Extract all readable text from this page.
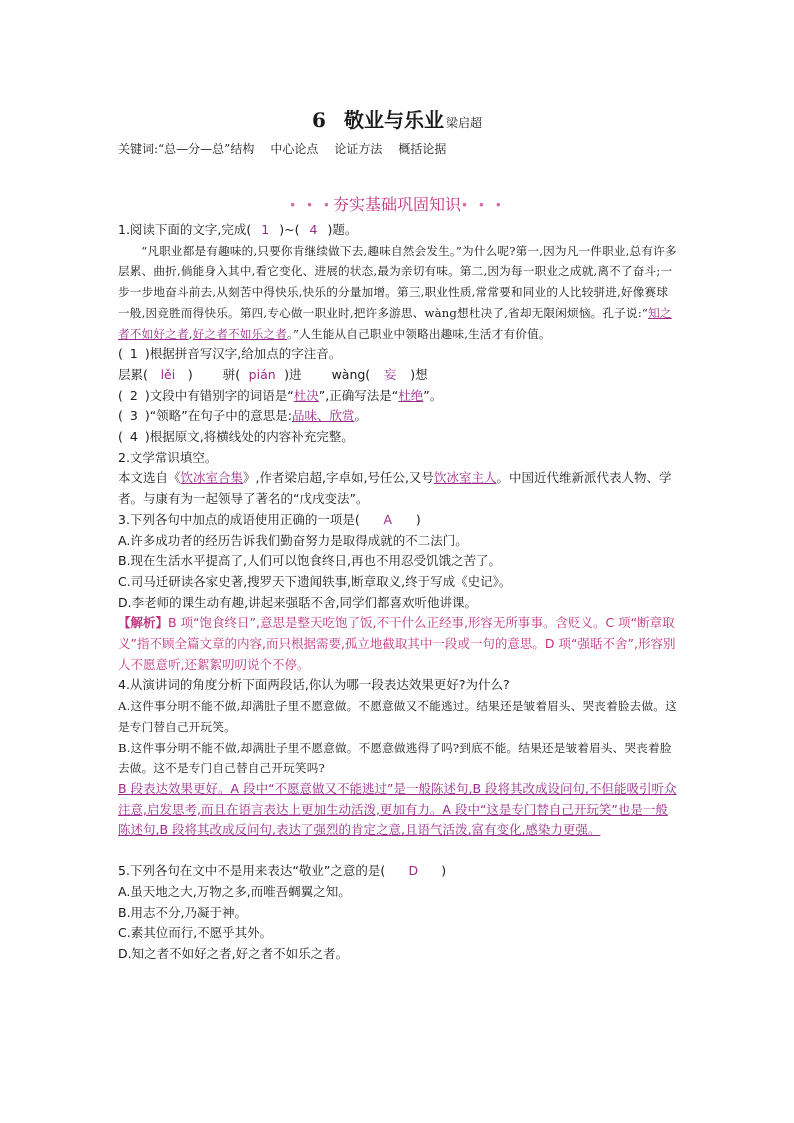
6 敬业与乐业 梁启超
关键词:“总—分—总”结构 中心论点 论证方法 概括论据
• • •夯实基础巩固知识• • •

1.阅读下面的文字,完成( 1 )~( 4 )题。

“凡职业都是有趣味的,只要你肯继续做下去,趣味自然会发生。”为什么呢?第一,因为凡一件职业,总有许多层累、曲折,倘能身入其中,看它变化、进展的状态,最为亲切有味。第二,因为每一职业之成就,离不了奋斗;一步一步地奋斗前去,从刻苦中得快乐,快乐的分量加增。第三,职业性质,常常要和同业的人比较骈进,好像赛球一般,因竞胜而得快乐。第四,专心做一职业时,把许多游思、wàng想杜决了,省却无限闲烦恼。孔子说:“知之者不如好之者,好之者不如乐之者。”人生能从自己职业中领略出趣味,生活才有价值。

( 1 )根据拼音写汉字,给加点的字注音。

层累( lěi ) 骈( pián )进 wàng( 妄 )想

( 2 )文段中有错别字的词语是“杜决”,正确写法是“杜绝”。

( 3 )“领略”在句子中的意思是:品味、欣赏。

( 4 )根据原文,将横线处的内容补充完整。

2.文学常识填空。

本文选自《饮冰室合集》,作者梁启超,字卓如,号任公,又号饮冰室主人。中国近代维新派代表人物、学者。与康有为一起领导了著名的“戊戌变法”。

3.下列各句中加点的成语使用正确的一项是( A )

A.许多成功者的经历告诉我们勤奋努力是取得成就的不二法门。

B.现在生活水平提高了,人们可以饱食终日,再也不用忍受饥饿之苦了。

C.司马迁研读各家史著,搜罗天下遗闻轶事,断章取义,终于写成《史记》。

D.李老师的课生动有趣,讲起来强聒不舍,同学们都喜欢听他讲课。

【解析】B 项“饱食终日”,意思是整天吃饱了饭,不干什么正经事,形容无所事事。含贬义。C 项“断章取义”指不顾全篇文章的内容,而只根据需要,孤立地截取其中一段或一句的意思。D 项“强聒不舍”,形容别人不愿意听,还絮絮叨叨说个不停。

4.从演讲词的角度分析下面两段话,你认为哪一段表达效果更好?为什么?

A.这件事分明不能不做,却满肚子里不愿意做。不愿意做又不能逃过。结果还是皱着眉头、哭丧着脸去做。这是专门替自己开玩笑。

B.这件事分明不能不做,却满肚子里不愿意做。不愿意做逃得了吗?到底不能。结果还是皱着眉头、哭丧着脸去做。这不是专门自己替自己开玩笑吗?

B 段表达效果更好。A 段中“不愿意做又不能逃过”是一般陈述句,B 段将其改成设问句,不但能吸引听众注意,启发思考,而且在语言表达上更加生动活泼,更加有力。A 段中“这是专门替自己开玩笑”也是一般陈述句,B 段将其改成反问句,表达了强烈的肯定之意,且语气活泼,富有变化,感染力更强。

5.下列各句在文中不是用来表达“敬业”之意的是( D )

A.虽天地之大,万物之多,而唯吾蜩翼之知。

B.用志不分,乃凝于神。

C.素其位而行,不愿乎其外。

D.知之者不如好之者,好之者不如乐之者。
